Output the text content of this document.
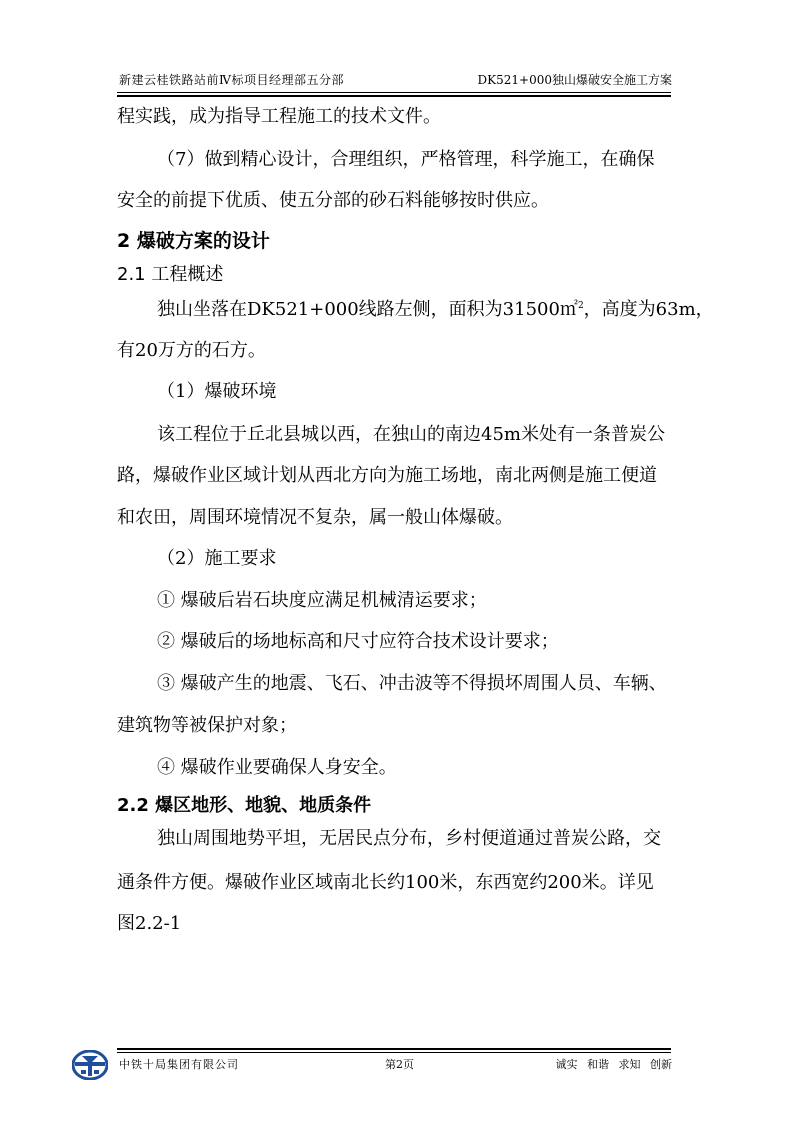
新建云桂铁路站前Ⅳ标项目经理部五分部	DK521+000独山爆破安全施工方案
程实践，成为指导工程施工的技术文件。
（7）做到精心设计，合理组织，严格管理，科学施工，在确保
安全的前提下优质、使五分部的砂石料能够按时供应。
2 爆破方案的设计
2.1 工程概述
独山坐落在DK521+000线路左侧，面积为31500㎡$^2$，高度为63m，
有20万方的石方。
（1）爆破环境
该工程位于丘北县城以西，在独山的南边45m米处有一条普炭公
路，爆破作业区域计划从西北方向为施工场地，南北两侧是施工便道
和农田，周围环境情况不复杂，属一般山体爆破。
（2）施工要求
① 爆破后岩石块度应满足机械清运要求；
② 爆破后的场地标高和尺寸应符合技术设计要求；
③ 爆破产生的地震、飞石、冲击波等不得损坏周围人员、车辆、
建筑物等被保护对象；
④ 爆破作业要确保人身安全。
2.2 爆区地形、地貌、地质条件
独山周围地势平坦，无居民点分布，乡村便道通过普炭公路，交
通条件方便。爆破作业区域南北长约100米，东西宽约200米。详见
图2.2-1
中铁十局集团有限公司	第2页	诚实 和谐 求知 创新
